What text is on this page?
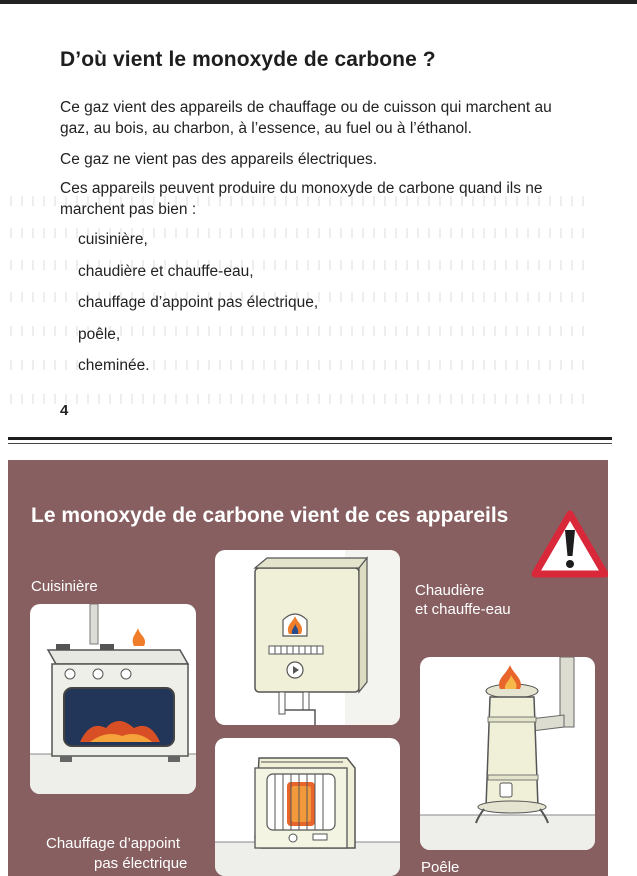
D’où vient le monoxyde de carbone ?

Ce gaz vient des appareils de chauffage ou de cuisson qui marchent au gaz, au bois, au charbon, à l’essence, au fuel ou à l’éthanol.

Ce gaz ne vient pas des appareils électriques.

Ces appareils peuvent produire du monoxyde de carbone quand ils ne marchent pas bien :

cuisinière,
chaudière et chauffe-eau,
chauffage d’appoint pas électrique,
poêle,
cheminée.
4
Le monoxyde de carbone vient de ces appareils
Cuisinière	Chaudière
et chauffe-eau
Chauffage d’appoint
pas électrique	Poêle
